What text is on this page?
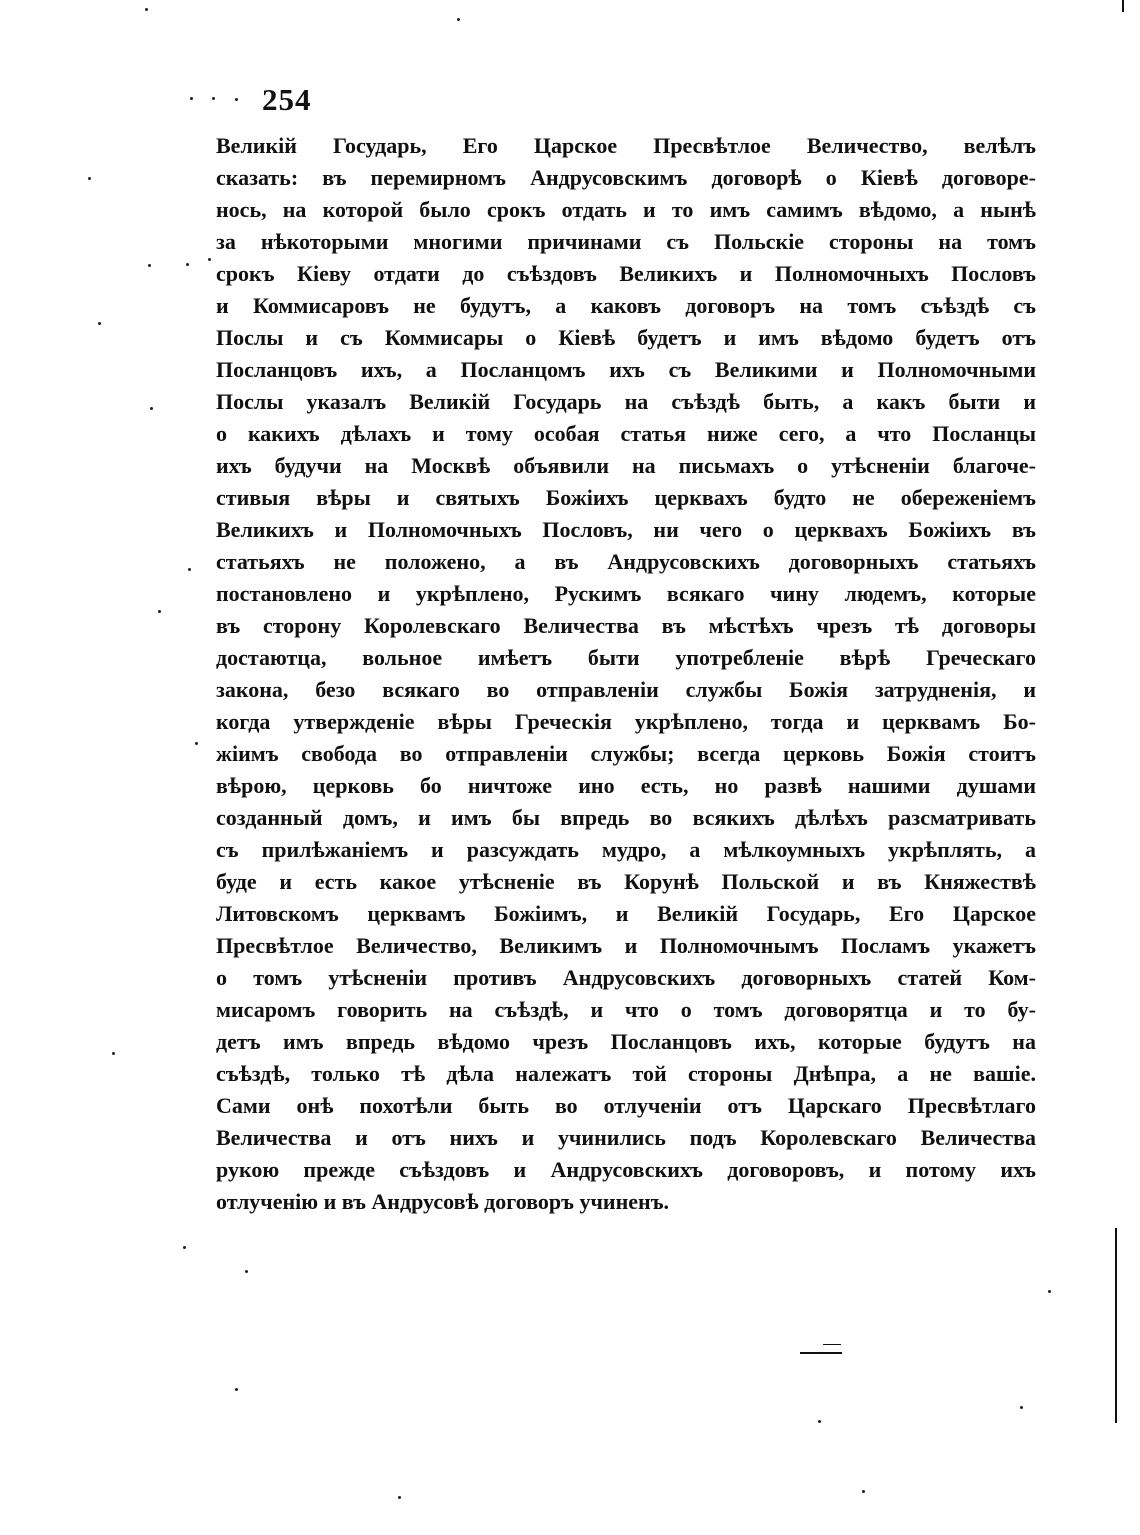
254
Великій Государь, Его Царское Пресвѣтлое Величество, велѣлъ
сказать: въ перемирномъ Андрусовскимъ договорѣ о Кіевѣ договоре-
нось, на которой было срокъ отдать и то имъ самимъ вѣдомо, а нынѣ
за нѣкоторыми многими причинами съ Польскіе стороны на томъ
срокъ Кіеву отдати до съѣздовъ Великихъ и Полномочныхъ Пословъ
и Коммисаровъ не будутъ, а каковъ договоръ на томъ съѣздѣ съ
Послы и съ Коммисары о Кіевѣ будетъ и имъ вѣдомо будетъ отъ
Посланцовъ ихъ, а Посланцомъ ихъ съ Великими и Полномочными
Послы указалъ Великій Государь на съѣздѣ быть, а какъ быти и
о какихъ дѣлахъ и тому особая статья ниже сего, а что Посланцы
ихъ будучи на Москвѣ объявили на письмахъ о утѣсненіи благоче-
стивыя вѣры и святыхъ Божіихъ церквахъ будто не обереженіемъ
Великихъ и Полномочныхъ Пословъ, ни чего о церквахъ Божіихъ въ
статьяхъ не положено, а въ Андрусовскихъ договорныхъ статьяхъ
постановлено и укрѣплено, Рускимъ всякаго чину людемъ, которые
въ сторону Королевскаго Величества въ мѣстѣхъ чрезъ тѣ договоры
достаютца, вольное имѣетъ быти употребленіе вѣрѣ Греческаго
закона, безо всякаго во отправленіи службы Божія затрудненія, и
когда утвержденіе вѣры Греческія укрѣплено, тогда и церквамъ Бо-
жіимъ свобода во отправленіи службы; всегда церковь Божія стоитъ
вѣрою, церковь бо ничтоже ино есть, но развѣ нашими душами
созданный домъ, и имъ бы впредь во всякихъ дѣлѣхъ разсматривать
съ прилѣжаніемъ и разсуждать мудро, а мѣлкоумныхъ укрѣплять, а
буде и есть какое утѣсненіе въ Корунѣ Польской и въ Княжествѣ
Литовскомъ церквамъ Божіимъ, и Великій Государь, Его Царское
Пресвѣтлое Величество, Великимъ и Полномочнымъ Посламъ укажетъ
о томъ утѣсненіи противъ Андрусовскихъ договорныхъ статей Ком-
мисаромъ говорить на съѣздѣ, и что о томъ договорятца и то бу-
детъ имъ впредь вѣдомо чрезъ Посланцовъ ихъ, которые будутъ на
съѣздѣ, только тѣ дѣла належатъ той стороны Днѣпра, а не вашіе.
Сами онѣ похотѣли быть во отлученіи отъ Царскаго Пресвѣтлаго
Величества и отъ нихъ и учинились подъ Королевскаго Величества
рукою прежде съѣздовъ и Андрусовскихъ договоровъ, и потому ихъ
отлученію и въ Андрусовѣ договоръ учиненъ.
